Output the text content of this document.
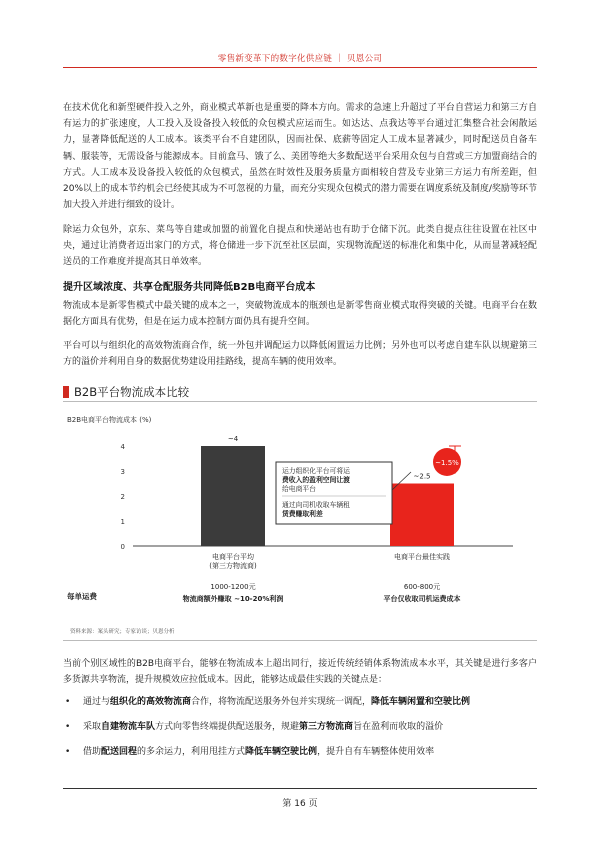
零售新变革下的数字化供应链 ｜ 贝恩公司

在技术优化和新型硬件投入之外，商业模式革新也是重要的降本方向。需求的急速上升超过了平台自营运力和第三方自有运力的扩张速度，人工投入及设备投入较低的众包模式应运而生。如达达、点我达等平台通过汇集整合社会闲散运力，显著降低配送的人工成本。该类平台不自建团队，因而社保、底薪等固定人工成本显著减少，同时配送员自备车辆、服装等，无需设备与能源成本。目前盒马、饿了么、美团等绝大多数配送平台采用众包与自营或三方加盟商结合的方式。人工成本及设备投入较低的众包模式，虽然在时效性及服务质量方面相较自营及专业第三方运力有所差距，但20%以上的成本节约机会已经使其成为不可忽视的力量，而充分实现众包模式的潜力需要在调度系统及制度/奖励等环节加大投入并进行细致的设计。

除运力众包外，京东、菜鸟等自建或加盟的前置化自提点和快递站也有助于仓储下沉。此类自提点往往设置在社区中央，通过让消费者迈出家门的方式，将仓储进一步下沉至社区层面，实现物流配送的标准化和集中化，从而显著减轻配送员的工作难度并提高其日单效率。

提升区域浓度、共享仓配服务共同降低B2B电商平台成本

物流成本是新零售模式中最关键的成本之一，突破物流成本的瓶颈也是新零售商业模式取得突破的关键。电商平台在数据化方面具有优势，但是在运力成本控制方面仍具有提升空间。

平台可以与组织化的高效物流商合作，统一外包并调配运力以降低闲置运力比例；另外也可以考虑自建车队以规避第三方的溢价并利用自身的数据优势建设用挂路线，提高车辆的使用效率。

B2B平台物流成本比较
B2B电商平台物流成本 (%)
0
1
2
3
4
~4
~2.5
~1.5%
运力组织化平台可将运
费收入的盈利空间让渡
给电商平台
通过向司机收取车辆租
赁费赚取利差
电商平台平均
(第三方物流商)
电商平台最佳实践
每单运费
1000-1200元
物流商额外赚取 ~10-20%利润
600-800元
平台仅收取司机运费成本
资料来源：案头研究；专家访谈；贝恩分析

当前个别区域性的B2B电商平台，能够在物流成本上超出同行，接近传统经销体系物流成本水平，其关键是进行多客户多货源共享物流，提升规模效应拉低成本。因此，能够达成最佳实践的关键点是：

• 通过与组织化的高效物流商合作，将物流配送服务外包并实现统一调配，降低车辆闲置和空驶比例
• 采取自建物流车队方式向零售终端提供配送服务，规避第三方物流商旨在盈利而收取的溢价
• 借助配送回程的多余运力，利用甩挂方式降低车辆空驶比例，提升自有车辆整体使用效率
第 16 页
